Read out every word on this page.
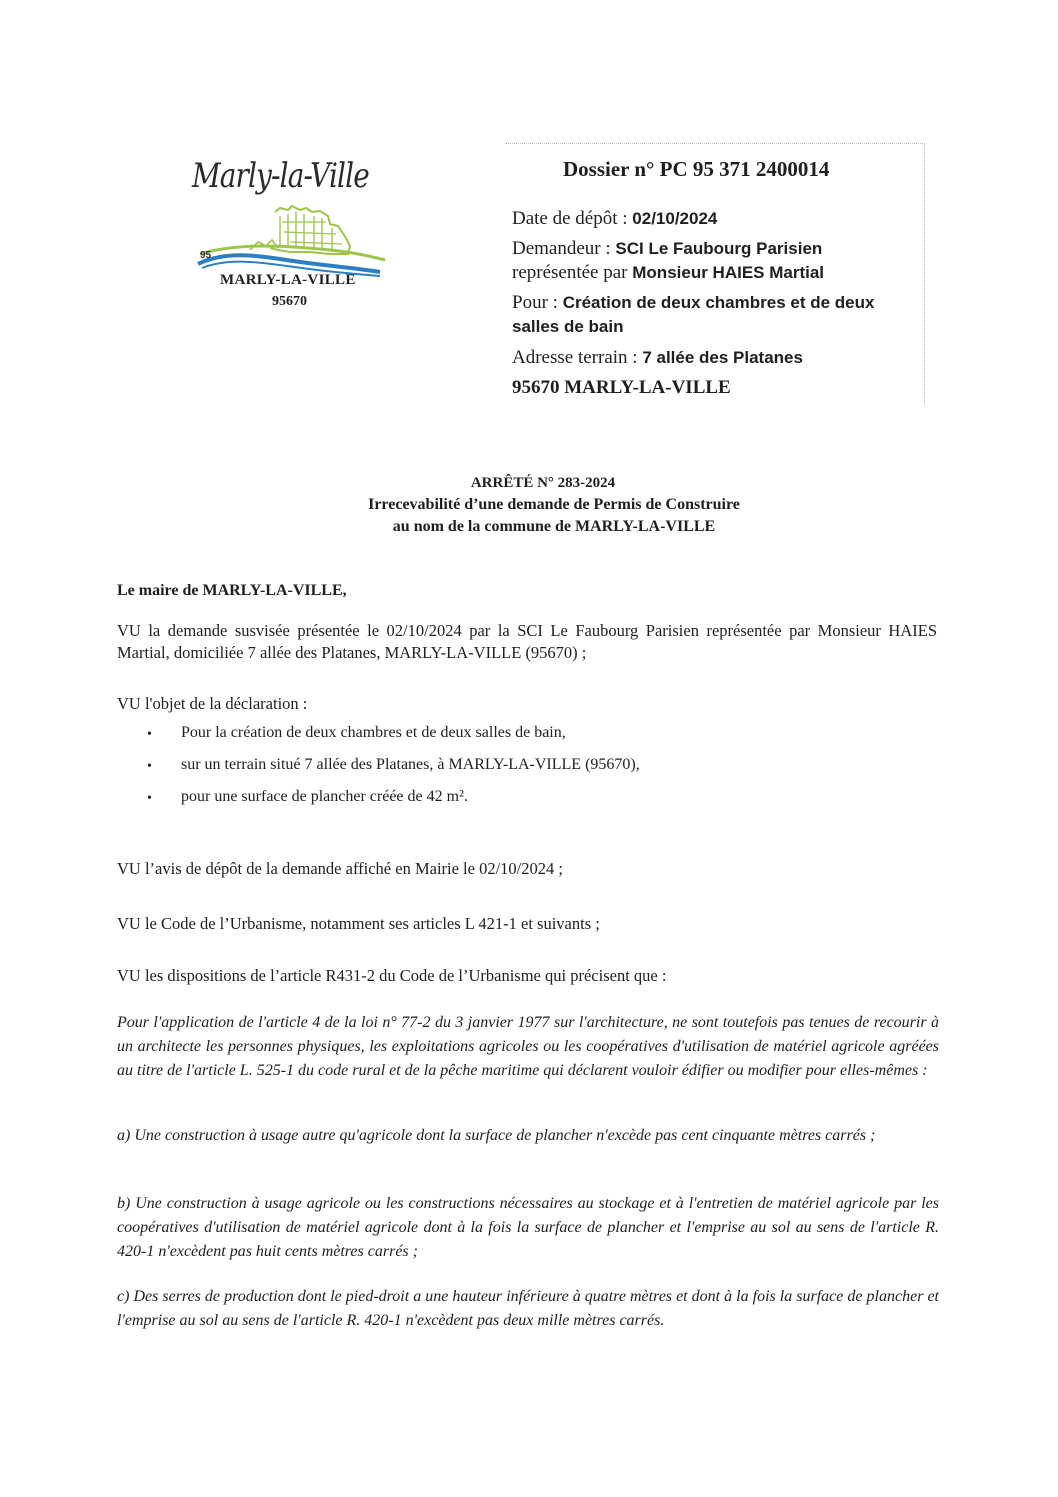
Marly-la-Ville
95
MARLY-LA-VILLE
95670
Dossier n° PC 95 371 2400014
Date de dépôt : 02/10/2024
Demandeur : SCI Le Faubourg Parisien
représentée par Monsieur HAIES Martial
Pour : Création de deux chambres et de deux
salles de bain
Adresse terrain : 7 allée des Platanes
95670 MARLY-LA-VILLE
ARRÊTÉ N° 283-2024
Irrecevabilité d’une demande de Permis de Construire
au nom de la commune de MARLY-LA-VILLE
Le maire de MARLY-LA-VILLE,
VU la demande susvisée présentée le 02/10/2024 par la SCI Le Faubourg Parisien représentée par Monsieur HAIES Martial, domiciliée 7 allée des Platanes, MARLY-LA-VILLE (95670) ;
VU l'objet de la déclaration :
• Pour la création de deux chambres et de deux salles de bain,
• sur un terrain situé 7 allée des Platanes, à MARLY-LA-VILLE (95670),
• pour une surface de plancher créée de 42 m².
VU l’avis de dépôt de la demande affiché en Mairie le 02/10/2024 ;
VU le Code de l’Urbanisme, notamment ses articles L 421-1 et suivants ;
VU les dispositions de l’article R431-2 du Code de l’Urbanisme qui précisent que :
Pour l'application de l'article 4 de la loi n° 77-2 du 3 janvier 1977 sur l'architecture, ne sont toutefois pas tenues de recourir à un architecte les personnes physiques, les exploitations agricoles ou les coopératives d'utilisation de matériel agricole agréées au titre de l'article L. 525-1 du code rural et de la pêche maritime qui déclarent vouloir édifier ou modifier pour elles-mêmes :
a) Une construction à usage autre qu'agricole dont la surface de plancher n'excède pas cent cinquante mètres carrés ;
b) Une construction à usage agricole ou les constructions nécessaires au stockage et à l'entretien de matériel agricole par les coopératives d'utilisation de matériel agricole dont à la fois la surface de plancher et l'emprise au sol au sens de l'article R. 420-1 n'excèdent pas huit cents mètres carrés ;
c) Des serres de production dont le pied-droit a une hauteur inférieure à quatre mètres et dont à la fois la surface de plancher et l'emprise au sol au sens de l'article R. 420-1 n'excèdent pas deux mille mètres carrés.
